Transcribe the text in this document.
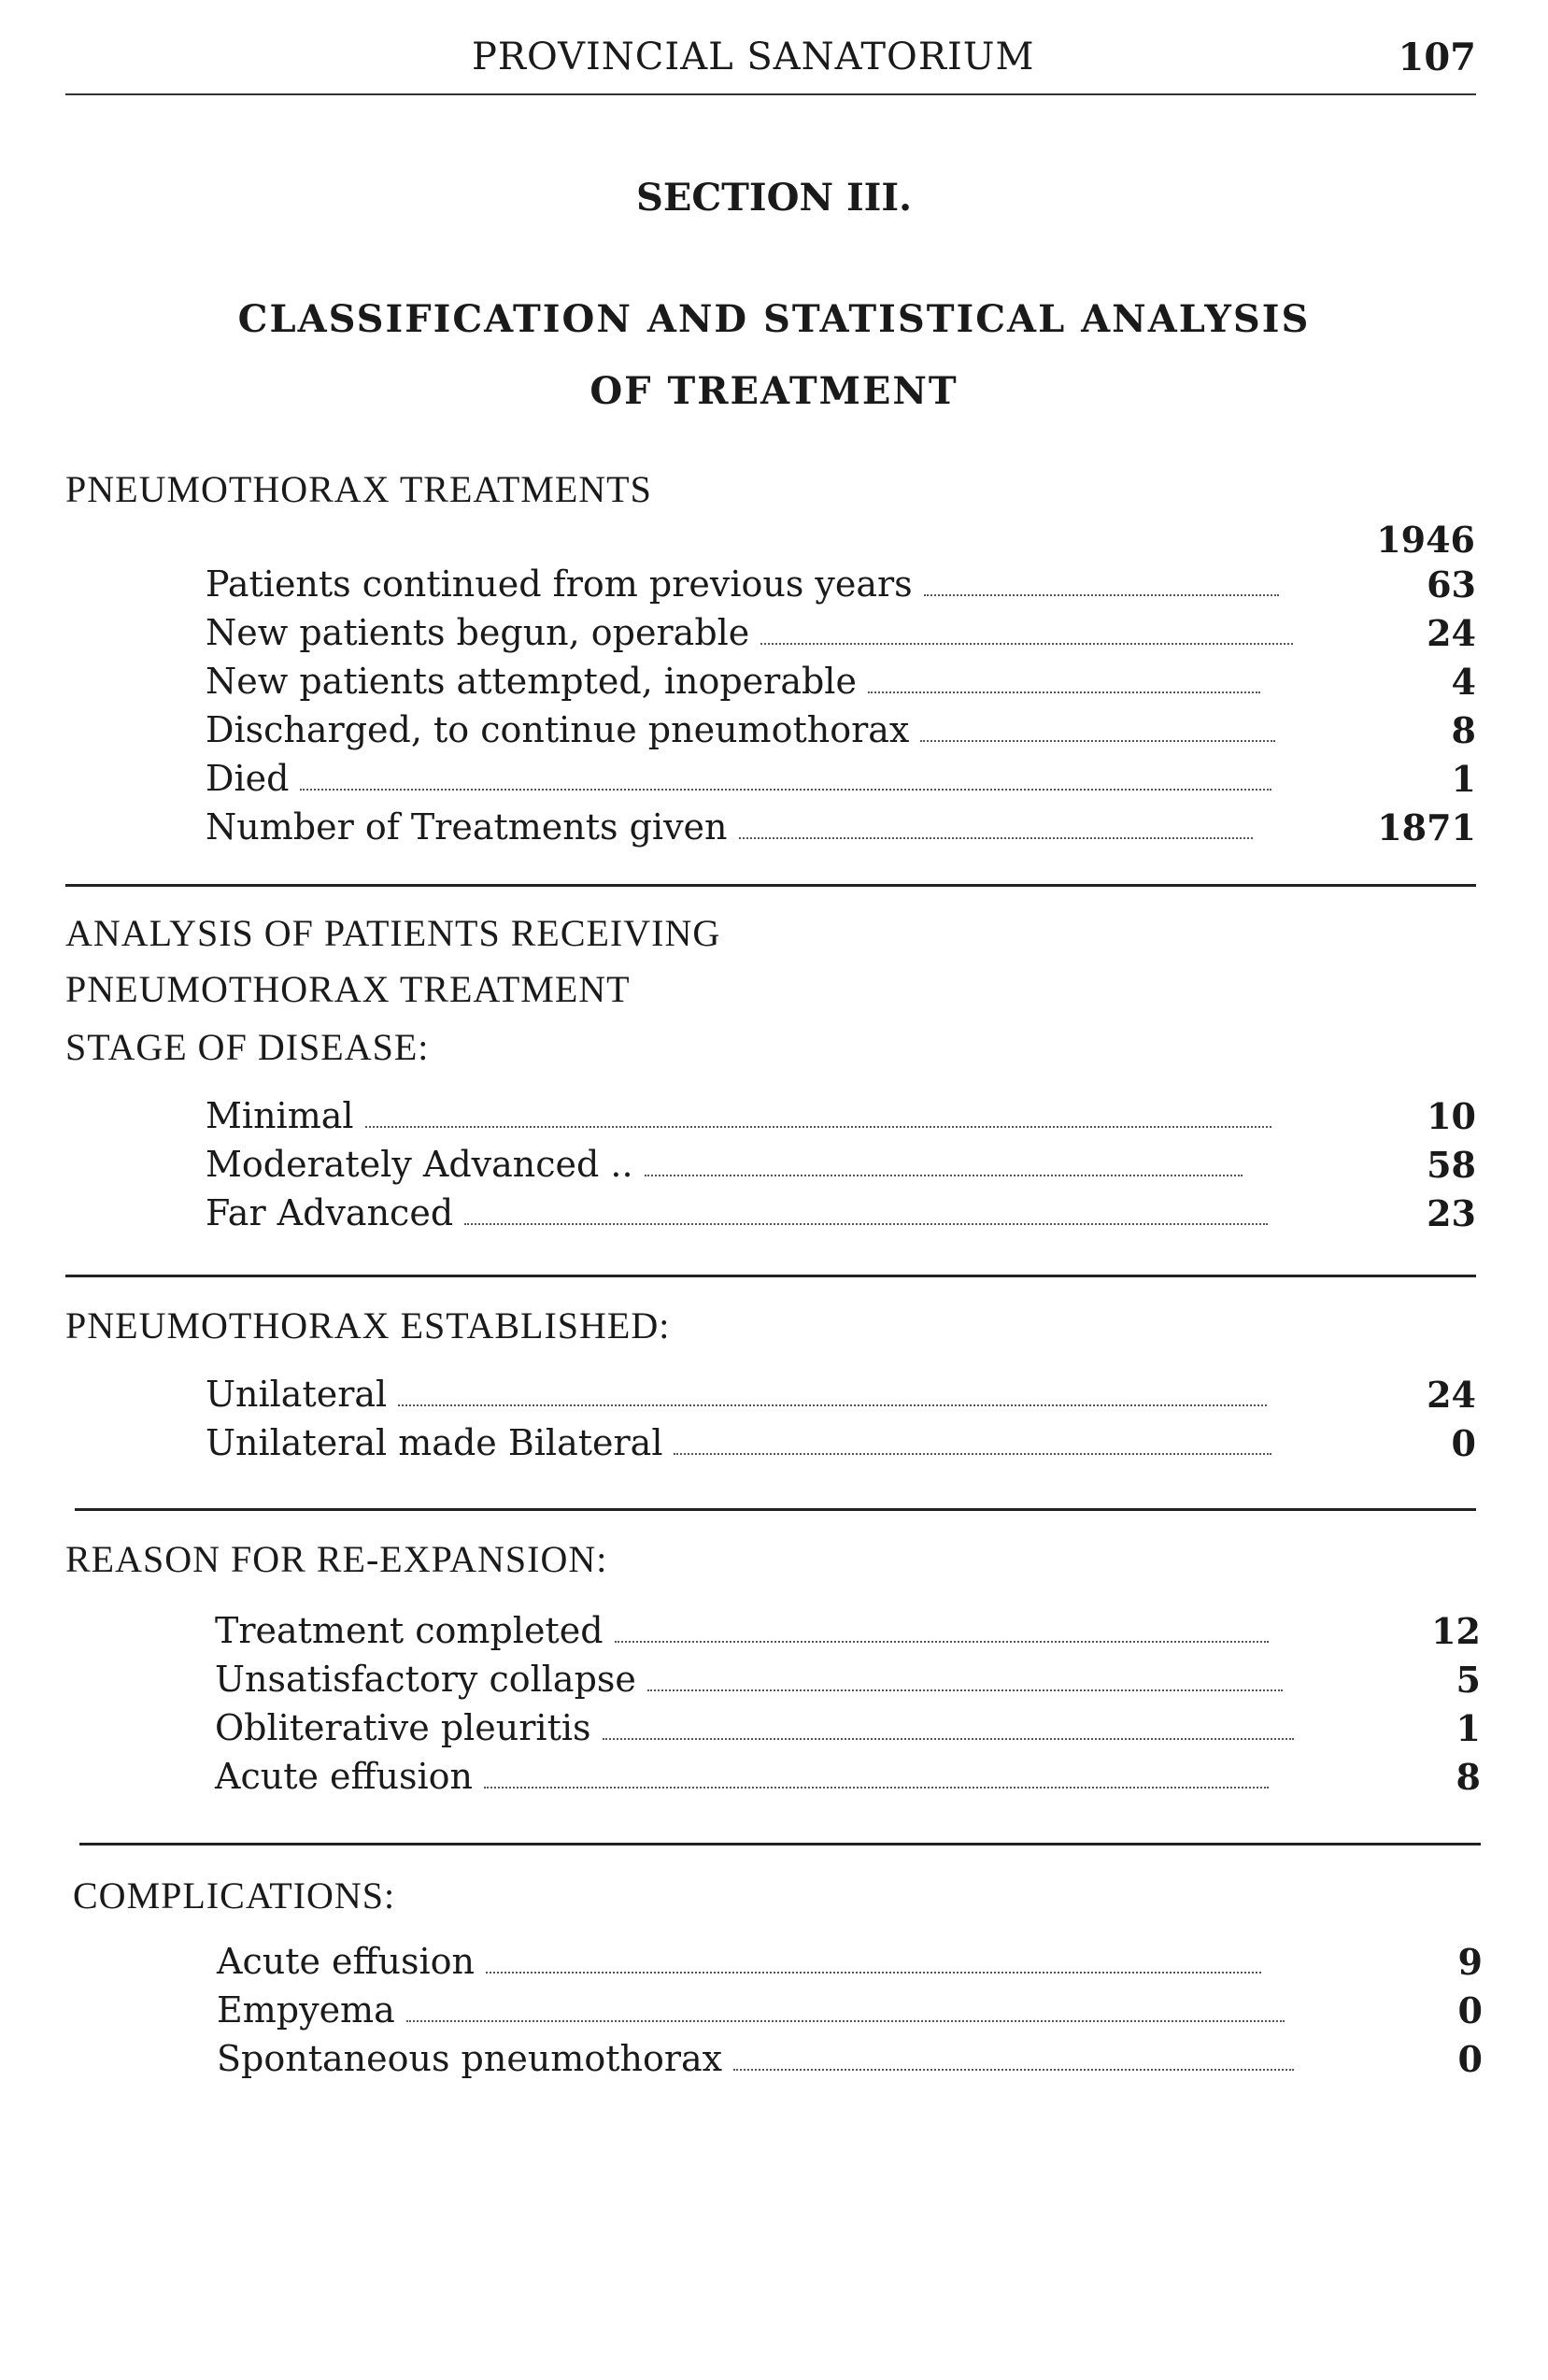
PROVINCIAL SANATORIUM	107
SECTION III.
CLASSIFICATION AND STATISTICAL ANALYSIS
OF TREATMENT
PNEUMOTHORAX TREATMENTS
1946
Patients continued from previous years	63
New patients begun, operable	24
New patients attempted, inoperable	4
Discharged, to continue pneumothorax	8
Died	1
Number of Treatments given	1871
ANALYSIS OF PATIENTS RECEIVING
PNEUMOTHORAX TREATMENT
STAGE OF DISEASE:
Minimal	10
Moderately Advanced ..	58
Far Advanced	23
PNEUMOTHORAX ESTABLISHED:
Unilateral	24
Unilateral made Bilateral	0
REASON FOR RE-EXPANSION:
Treatment completed	12
Unsatisfactory collapse	5
Obliterative pleuritis	1
Acute effusion	8
COMPLICATIONS:
Acute effusion	9
Empyema	0
Spontaneous pneumothorax	0
